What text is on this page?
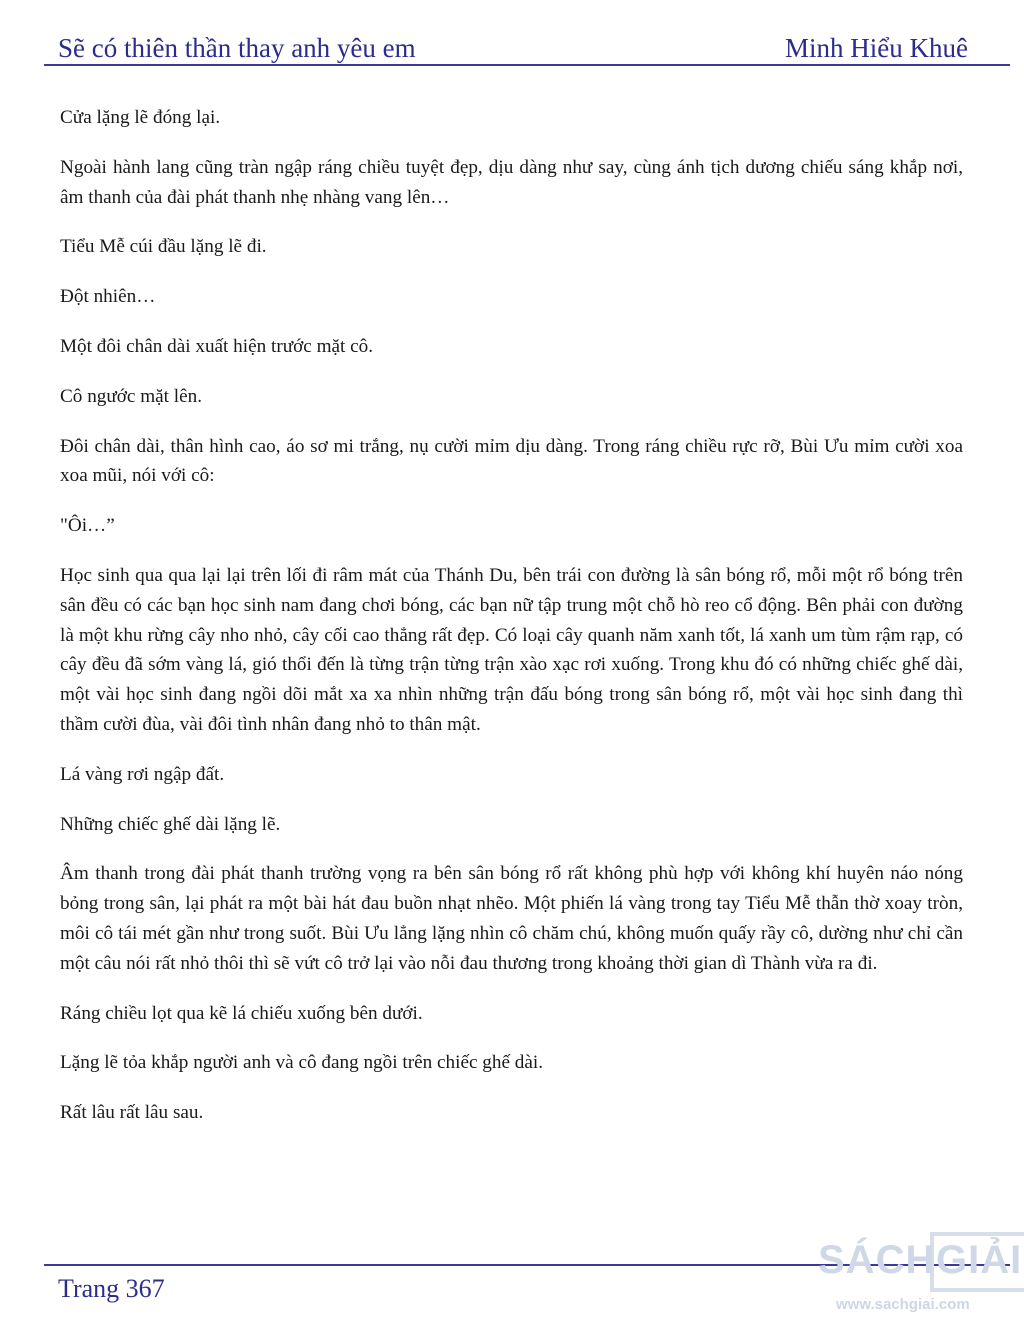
Sẽ có thiên thần thay anh yêu em	Minh Hiểu Khuê

Cửa lặng lẽ đóng lại.

Ngoài hành lang cũng tràn ngập ráng chiều tuyệt đẹp, dịu dàng như say, cùng ánh tịch dương chiếu sáng khắp nơi, âm thanh của đài phát thanh nhẹ nhàng vang lên…

Tiểu Mễ cúi đầu lặng lẽ đi.

Đột nhiên…

Một đôi chân dài xuất hiện trước mặt cô.

Cô ngước mặt lên.

Đôi chân dài, thân hình cao, áo sơ mi trắng, nụ cười mỉm dịu dàng. Trong ráng chiều rực rỡ, Bùi Ưu mỉm cười xoa xoa mũi, nói với cô:

"Ôi…”

Học sinh qua qua lại lại trên lối đi râm mát của Thánh Du, bên trái con đường là sân bóng rổ, mỗi một rổ bóng trên sân đều có các bạn học sinh nam đang chơi bóng, các bạn nữ tập trung một chỗ hò reo cổ động. Bên phải con đường là một khu rừng cây nho nhỏ, cây cối cao thẳng rất đẹp. Có loại cây quanh năm xanh tốt, lá xanh um tùm rậm rạp, có cây đều đã sớm vàng lá, gió thổi đến là từng trận từng trận xào xạc rơi xuống. Trong khu đó có những chiếc ghế dài, một vài học sinh đang ngồi dõi mắt xa xa nhìn những trận đấu bóng trong sân bóng rổ, một vài học sinh đang thì thầm cười đùa, vài đôi tình nhân đang nhỏ to thân mật.

Lá vàng rơi ngập đất.

Những chiếc ghế dài lặng lẽ.

Âm thanh trong đài phát thanh trường vọng ra bên sân bóng rổ rất không phù hợp với không khí huyên náo nóng bỏng trong sân, lại phát ra một bài hát đau buồn nhạt nhẽo. Một phiến lá vàng trong tay Tiểu Mễ thẫn thờ xoay tròn, môi cô tái mét gần như trong suốt. Bùi Ưu lẳng lặng nhìn cô chăm chú, không muốn quấy rầy cô, dường như chỉ cần một câu nói rất nhỏ thôi thì sẽ vứt cô trở lại vào nỗi đau thương trong khoảng thời gian dì Thành vừa ra đi.

Ráng chiều lọt qua kẽ lá chiếu xuống bên dưới.

Lặng lẽ tỏa khắp người anh và cô đang ngồi trên chiếc ghế dài.

Rất lâu rất lâu sau.

Trang 367
SÁCH GIẢI
www.sachgiai.com
